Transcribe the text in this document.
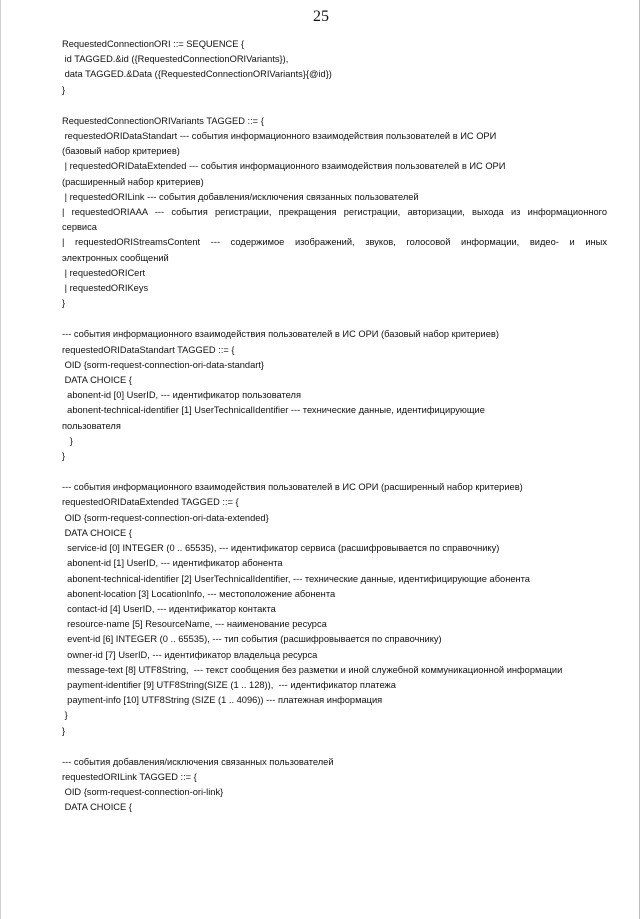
25
RequestedConnectionORI ::= SEQUENCE {
id TAGGED.&id ({RequestedConnectionORIVariants}),
data TAGGED.&Data ({RequestedConnectionORIVariants}{@id})
}
RequestedConnectionORIVariants TAGGED ::= {
requestedORIDataStandart --- события информационного взаимодействия пользователей в ИС ОРИ
(базовый набор критериев)
| requestedORIDataExtended --- события информационного взаимодействия пользователей в ИС ОРИ
(расширенный набор критериев)
| requestedORILink --- события добавления/исключения связанных пользователей
| requestedORIAAA --- события регистрации, прекращения регистрации, авторизации, выхода из информационного
сервиса
| requestedORIStreamsContent --- содержимое изображений, звуков, голосовой информации, видео- и иных
электронных сообщений
| requestedORICert
| requestedORIKeys
}
--- события информационного взаимодействия пользователей в ИС ОРИ (базовый набор критериев)
requestedORIDataStandart TAGGED ::= {
OID {sorm-request-connection-ori-data-standart}
DATA CHOICE {
abonent-id [0] UserID, --- идентификатор пользователя
abonent-technical-identifier [1] UserTechnicalIdentifier --- технические данные, идентифицирующие
пользователя
}
}
--- события информационного взаимодействия пользователей в ИС ОРИ (расширенный набор критериев)
requestedORIDataExtended TAGGED ::= {
OID {sorm-request-connection-ori-data-extended}
DATA CHOICE {
service-id [0] INTEGER (0 .. 65535), --- идентификатор сервиса (расшифровывается по справочнику)
abonent-id [1] UserID, --- идентификатор абонента
abonent-technical-identifier [2] UserTechnicalIdentifier, --- технические данные, идентифицирующие абонента
abonent-location [3] LocationInfo, --- местоположение абонента
contact-id [4] UserID, --- идентификатор контакта
resource-name [5] ResourceName, --- наименование ресурса
event-id [6] INTEGER (0 .. 65535), --- тип события (расшифровывается по справочнику)
owner-id [7] UserID, --- идентификатор владельца ресурса
message-text [8] UTF8String,  --- текст сообщения без разметки и иной служебной коммуникационной информации
payment-identifier [9] UTF8String(SIZE (1 .. 128)),  --- идентификатор платежа
payment-info [10] UTF8String (SIZE (1 .. 4096)) --- платежная информация
}
}
--- события добавления/исключения связанных пользователей
requestedORILink TAGGED ::= {
OID {sorm-request-connection-ori-link}
DATA CHOICE {
